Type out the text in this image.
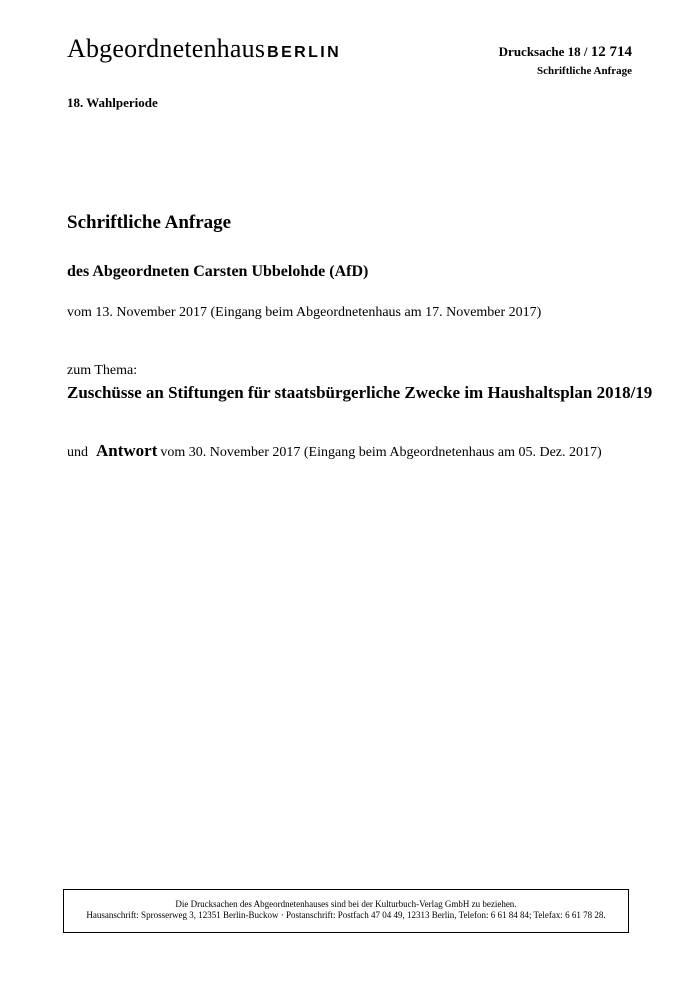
Abgeordnetenhaus BERLIN	Drucksache 18 / 12 714
Schriftliche Anfrage
18. Wahlperiode
Schriftliche Anfrage
des Abgeordneten Carsten Ubbelohde (AfD)
vom 13. November 2017 (Eingang beim Abgeordnetenhaus am 17. November 2017)
zum Thema:
Zuschüsse an Stiftungen für staatsbürgerliche Zwecke im Haushaltsplan 2018/19
und Antwort vom 30. November 2017 (Eingang beim Abgeordnetenhaus am 05. Dez. 2017)
Die Drucksachen des Abgeordnetenhauses sind bei der Kulturbuch-Verlag GmbH zu beziehen.
Hausanschrift: Sprosserweg 3, 12351 Berlin-Buckow · Postanschrift: Postfach 47 04 49, 12313 Berlin, Telefon: 6 61 84 84; Telefax: 6 61 78 28.
